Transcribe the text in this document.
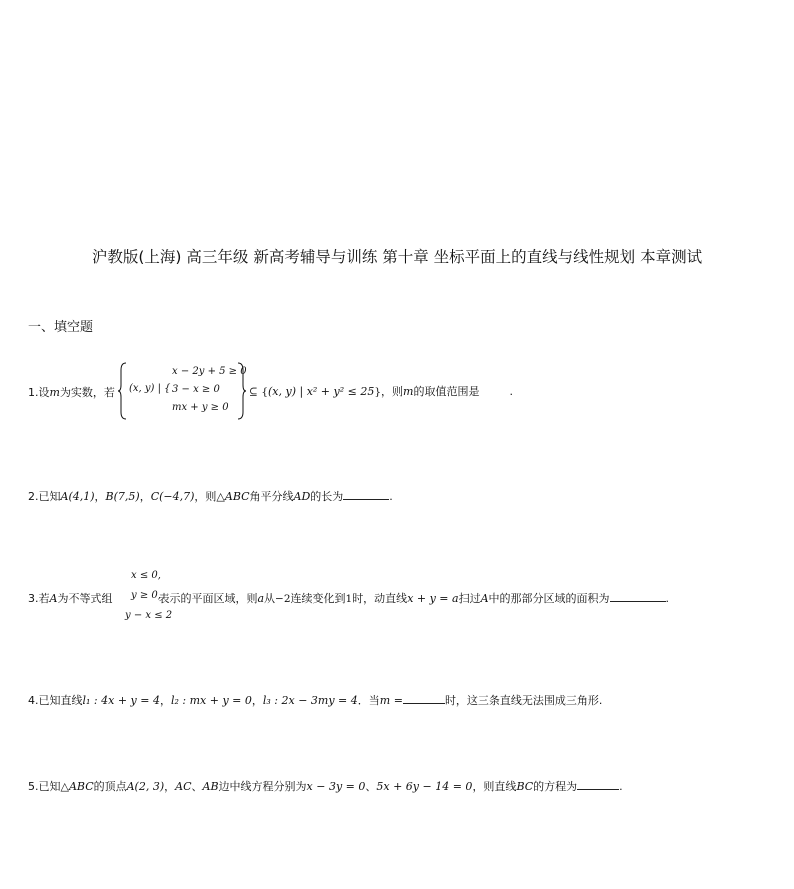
沪教版(上海) 高三年级 新高考辅导与训练 第十章 坐标平面上的直线与线性规划 本章测试
一、填空题
1.设m为实数，若 (x, y) | {
x − 2y + 5 ≥ 0
3 − x ≥ 0
mx + y ≥ 0
⊆ {(x, y) | x² + y² ≤ 25}，则m的取值范围是	.
2.已知A(4,1)，B(7,5)，C(−4,7)，则△ABC角平分线AD的长为	.
x ≤ 0,
y ≥ 0,
y − x ≤ 2
3.若A为不等式组	表示的平面区域，则a从−2连续变化到1时，动直线x + y = a扫过A中的那部分区域的面积为	.
4.已知直线l₁ : 4x + y = 4，l₂ : mx + y = 0，l₃ : 2x − 3my = 4．当m =	时，这三条直线无法围成三角形.
5.已知△ABC的顶点A(2, 3)，AC、AB边中线方程分别为x − 3y = 0、5x + 6y − 14 = 0，则直线BC的方程为	.
